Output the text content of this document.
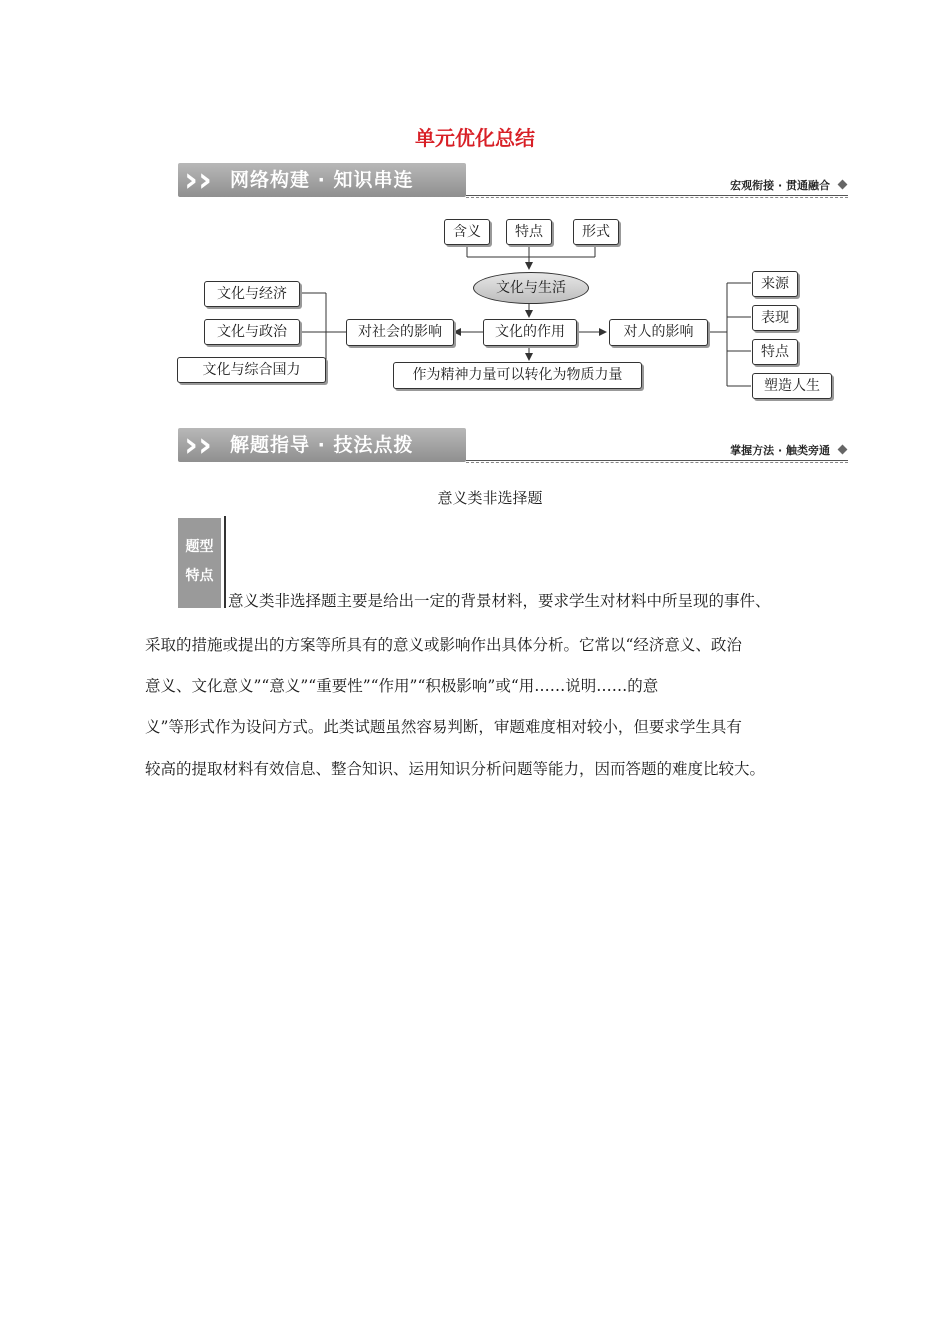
单元优化总结
› › 网络构建 · 知识串连	宏观衔接 · 贯通融合
含义	特点	形式
文化与生活
文化的作用
对社会的影响	对人的影响
作为精神力量可以转化为物质力量
文化与经济
文化与政治
文化与综合国力
来源
表现
特点
塑造人生
› › 解题指导 · 技法点拨	掌握方法 · 触类旁通
意义类非选择题
题型
特点
意义类非选择题主要是给出一定的背景材料，要求学生对材料中所呈现的事件、
采取的措施或提出的方案等所具有的意义或影响作出具体分析。它常以“经济意义、政治
意义、文化意义”“意义”“重要性”“作用”“积极影响”或“用……说明……的意
义”等形式作为设问方式。此类试题虽然容易判断，审题难度相对较小，但要求学生具有
较高的提取材料有效信息、整合知识、运用知识分析问题等能力，因而答题的难度比较大。
